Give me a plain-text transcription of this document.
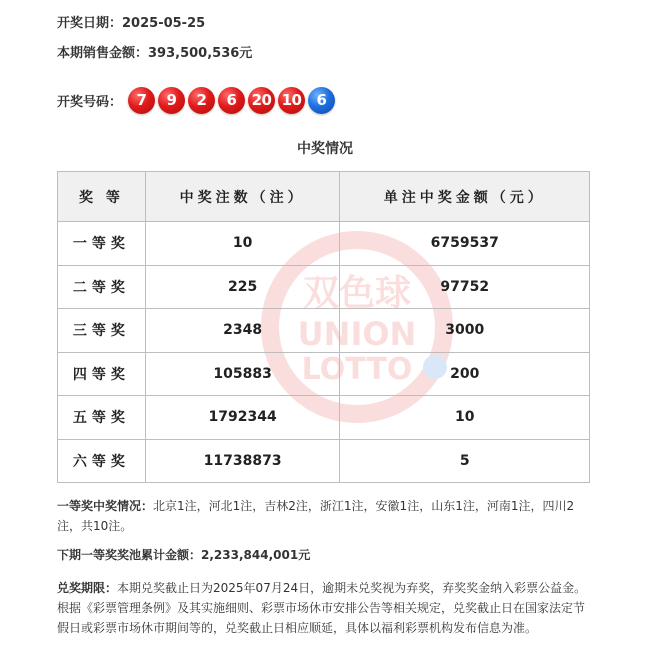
开奖日期：2025-05-25
本期销售金额：393,500,536元
开奖号码： 7	9	2	6	20 10	6
中奖情况
双色球
UNION
LOTTO
奖 等	中奖注数（注）	单注中奖金额（元）
一等奖	10	6759537
二等奖	225	97752
三等奖	2348	3000
四等奖	105883	200
五等奖	1792344	10
六等奖	11738873	5
一等奖中奖情况：北京1注，河北1注，吉林2注，浙江1注，安徽1注，山东1注，河南1注，四川2注，共10注。
下期一等奖奖池累计金额：2,233,844,001元
兑奖期限：本期兑奖截止日为2025年07月24日，逾期未兑奖视为弃奖，弃奖奖金纳入彩票公益金。根据《彩票管理条例》及其实施细则、彩票市场休市安排公告等相关规定，兑奖截止日在国家法定节假日或彩票市场休市期间等的，兑奖截止日相应顺延，具体以福利彩票机构发布信息为准。
